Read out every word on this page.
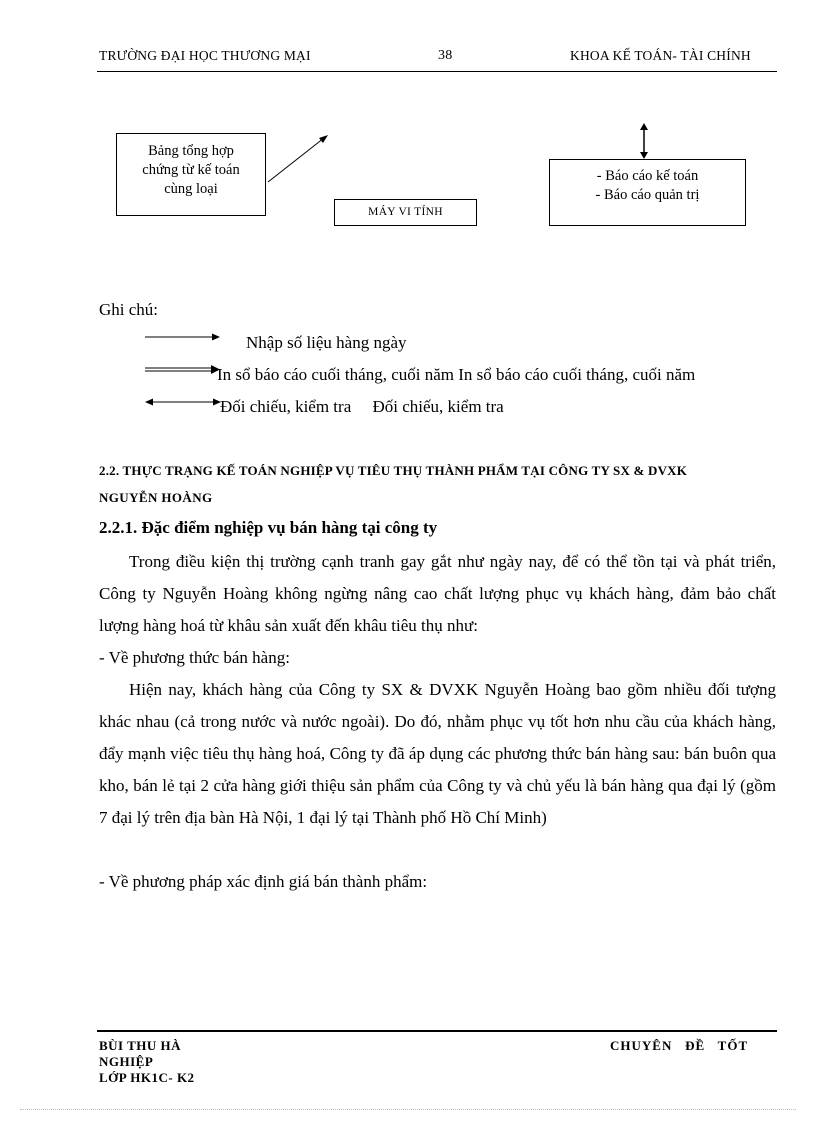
TRƯỜNG ĐẠI HỌC THƯƠNG MẠI	38	KHOA KẾ TOÁN- TÀI CHÍNH
Bảng tổng hợp
chứng từ kế toán
cùng loại
MÁY VI TÍNH
- Báo cáo kế toán
- Báo cáo quản trị
Ghi chú:
Nhập số liệu hàng ngày
In sổ báo cáo cuối tháng, cuối năm In sổ báo cáo cuối tháng, cuối năm
Đối chiếu, kiểm tra     Đối chiếu, kiểm tra
2.2. THỰC TRẠNG KẾ TOÁN NGHIỆP VỤ TIÊU THỤ THÀNH PHẨM TẠI CÔNG TY SX & DVXK
NGUYỄN HOÀNG
2.2.1. Đặc điểm nghiệp vụ bán hàng tại công ty
Trong điều kiện thị trường cạnh tranh gay gắt như ngày nay, để có thể tồn tại và phát triển, Công ty Nguyễn Hoàng không ngừng nâng cao chất lượng phục vụ khách hàng, đảm bảo chất lượng hàng hoá từ khâu sản xuất đến khâu tiêu thụ như:
- Về phương thức bán hàng:
Hiện nay, khách hàng của Công ty SX & DVXK Nguyễn Hoàng bao gồm nhiều đối tượng khác nhau (cả trong nước và nước ngoài). Do đó, nhằm phục vụ tốt hơn nhu cầu của khách hàng, đẩy mạnh việc tiêu thụ hàng hoá, Công ty đã áp dụng các phương thức bán hàng sau: bán buôn qua kho, bán lẻ tại 2 cửa hàng giới thiệu sản phẩm của Công ty và chủ yếu là bán hàng qua đại lý (gồm 7 đại lý trên địa bàn Hà Nội, 1 đại lý tại Thành phố Hồ Chí Minh)
- Về phương pháp xác định giá bán thành phẩm:
BÙI THU HÀ
NGHIỆP
LỚP HK1C- K2
CHUYÊN   ĐỀ   TỐT
